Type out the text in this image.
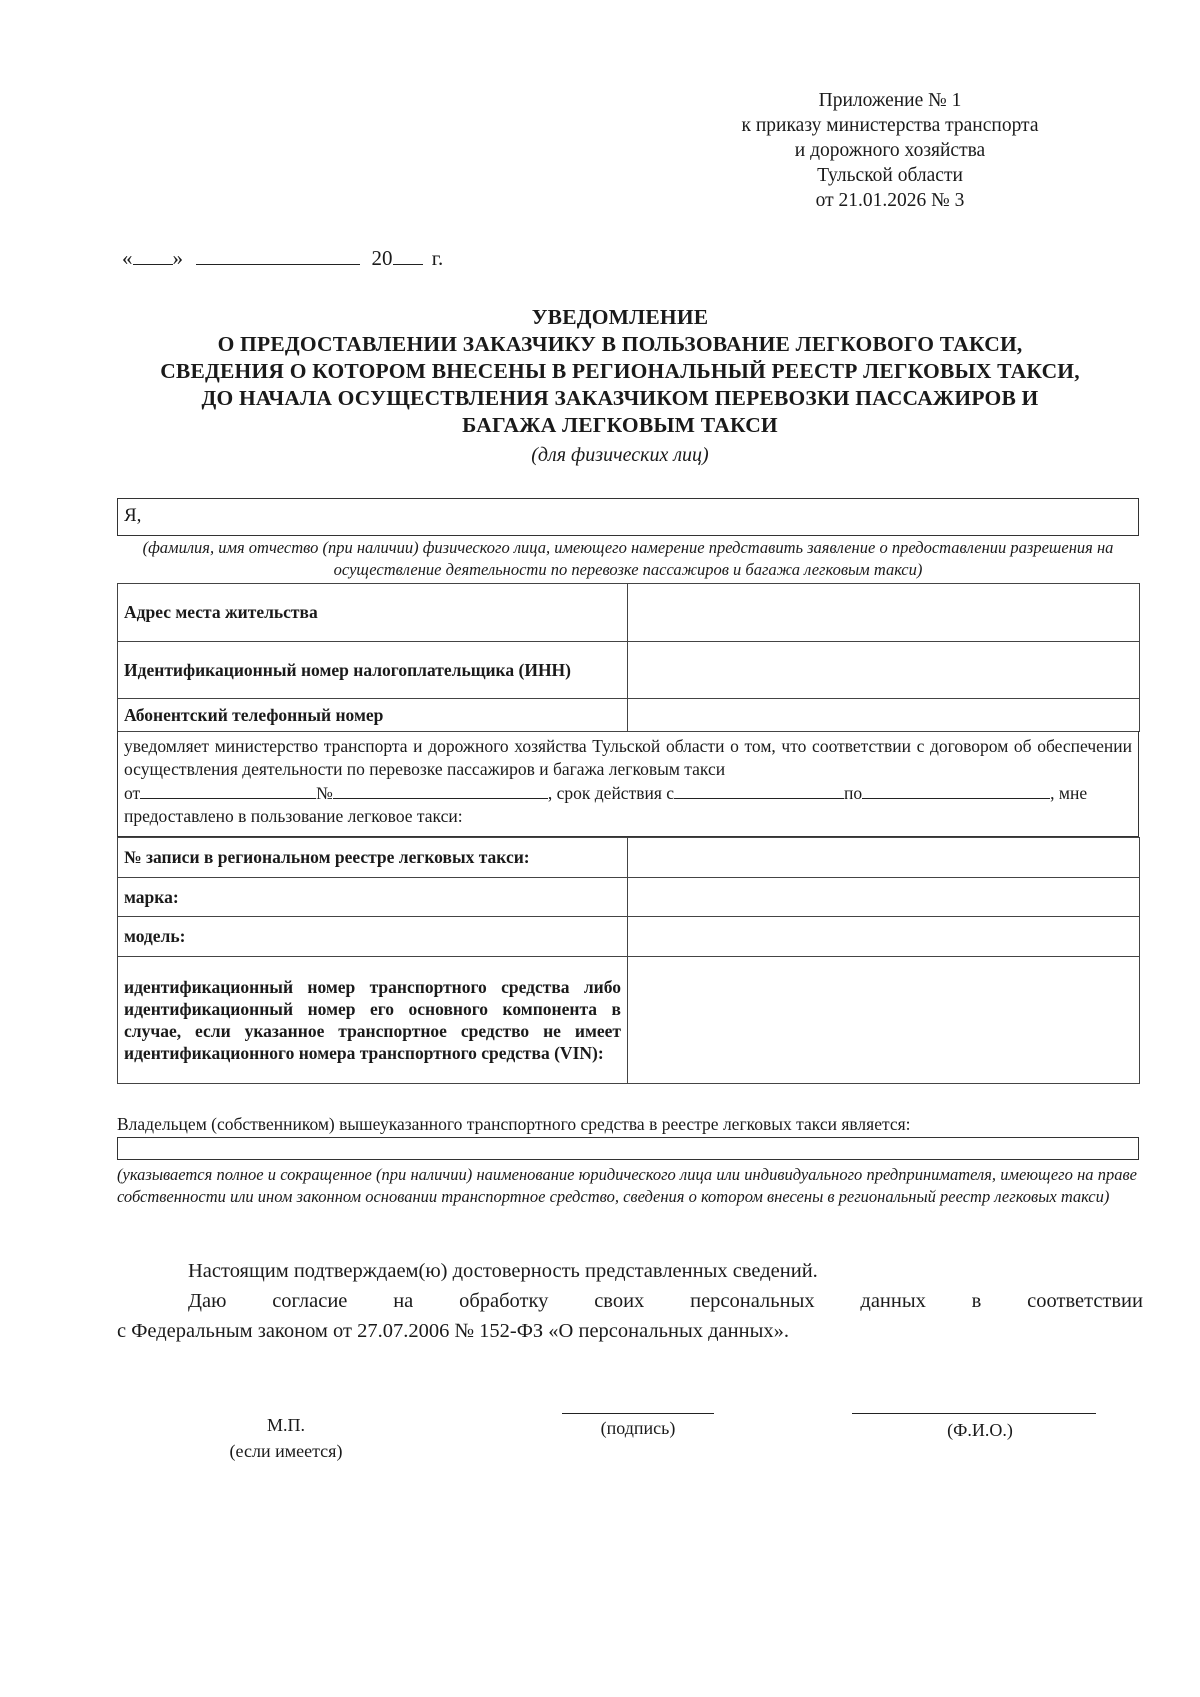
Приложение № 1
к приказу министерства транспорта
и дорожного хозяйства
Тульской области
от 21.01.2026 № 3
« »	20 г.
УВЕДОМЛЕНИЕ
О ПРЕДОСТАВЛЕНИИ ЗАКАЗЧИКУ В ПОЛЬЗОВАНИЕ ЛЕГКОВОГО ТАКСИ,
СВЕДЕНИЯ О КОТОРОМ ВНЕСЕНЫ В РЕГИОНАЛЬНЫЙ РЕЕСТР ЛЕГКОВЫХ ТАКСИ,
ДО НАЧАЛА ОСУЩЕСТВЛЕНИЯ ЗАКАЗЧИКОМ ПЕРЕВОЗКИ ПАССАЖИРОВ И
БАГАЖА ЛЕГКОВЫМ ТАКСИ
(для физических лиц)
Я,
(фамилия, имя отчество (при наличии) физического лица, имеющего намерение представить заявление о предоставлении разрешения на осуществление деятельности по перевозке пассажиров и багажа легковым такси)
Адрес места жительства	
Идентификационный номер налогоплательщика (ИНН)	
Абонентский телефонный номер	
уведомляет министерство транспорта и дорожного хозяйства Тульской области о том, что соответствии с договором об обеспечении осуществления деятельности по перевозке пассажиров и багажа легковым такси
от	№	, срок действия с	по	, мне
предоставлено в пользование легковое такси:
№ записи в региональном реестре легковых такси:	
марка:	
модель:	
идентификационный номер транспортного средства либо идентификационный номер его основного компонента в случае, если указанное транспортное средство не имеет идентификационного номера транспортного средства (VIN):	
Владельцем (собственником) вышеуказанного транспортного средства в реестре легковых такси является:
(указывается полное и сокращенное (при наличии) наименование юридического лица или индивидуального предпринимателя, имеющего на праве собственности или ином законном основании транспортное средство, сведения о котором внесены в региональный реестр легковых такси)
Настоящим подтверждаем(ю) достоверность представленных сведений.
Даю согласие на обработку своих персональных данных в соответствии
с Федеральным законом от 27.07.2006 № 152-ФЗ «О персональных данных».
М.П.
(если имеется)
(подпись)	(Ф.И.О.)
